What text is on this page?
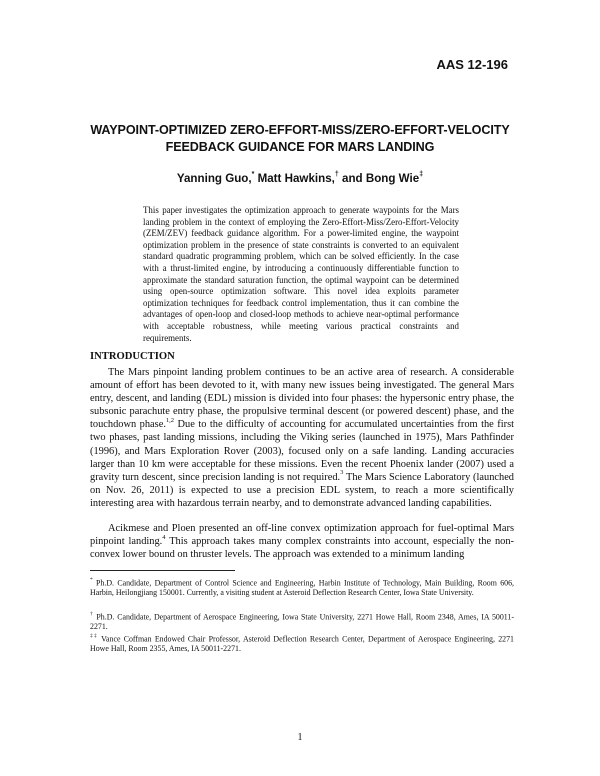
AAS 12-196
WAYPOINT-OPTIMIZED ZERO-EFFORT-MISS/ZERO-EFFORT-VELOCITY FEEDBACK GUIDANCE FOR MARS LANDING
Yanning Guo,* Matt Hawkins,† and Bong Wie‡
This paper investigates the optimization approach to generate waypoints for the Mars landing problem in the context of employing the Zero-Effort-Miss/Zero-Effort-Velocity (ZEM/ZEV) feedback guidance algorithm. For a power-limited engine, the waypoint optimization problem in the presence of state constraints is converted to an equivalent standard quadratic programming problem, which can be solved efficiently. In the case with a thrust-limited engine, by introducing a continuously differentiable function to approximate the standard saturation function, the optimal waypoint can be determined using open-source optimization software. This novel idea exploits parameter optimization techniques for feedback control implementation, thus it can combine the advantages of open-loop and closed-loop methods to achieve near-optimal performance with acceptable robustness, while meeting various practical constraints and requirements.
INTRODUCTION
The Mars pinpoint landing problem continues to be an active area of research. A considerable amount of effort has been devoted to it, with many new issues being investigated. The general Mars entry, descent, and landing (EDL) mission is divided into four phases: the hypersonic entry phase, the subsonic parachute entry phase, the propulsive terminal descent (or powered descent) phase, and the touchdown phase.$^{1,2}$ Due to the difficulty of accounting for accumulated uncertainties from the first two phases, past landing missions, including the Viking series (launched in 1975), Mars Pathfinder (1996), and Mars Exploration Rover (2003), focused only on a safe landing. Landing accuracies larger than 10 km were acceptable for these missions. Even the recent Phoenix lander (2007) used a gravity turn descent, since precision landing is not required.$^3$ The Mars Science Laboratory (launched on Nov. 26, 2011) is expected to use a precision EDL system, to reach a more scientifically interesting area with hazardous terrain nearby, and to demonstrate advanced landing capabilities.
Acikmese and Ploen presented an off-line convex optimization approach for fuel-optimal Mars pinpoint landing.$^4$ This approach takes many complex constraints into account, especially the non-convex lower bound on thruster levels. The approach was extended to a minimum landing
* Ph.D. Candidate, Department of Control Science and Engineering, Harbin Institute of Technology, Main Building, Room 606, Harbin, Heilongjiang 150001. Currently, a visiting student at Asteroid Deflection Research Center, Iowa State University.
† Ph.D. Candidate, Department of Aerospace Engineering, Iowa State University, 2271 Howe Hall, Room 2348, Ames, IA 50011-2271.
‡‡ Vance Coffman Endowed Chair Professor, Asteroid Deflection Research Center, Department of Aerospace Engineering, 2271 Howe Hall, Room 2355, Ames, IA 50011-2271.
1
